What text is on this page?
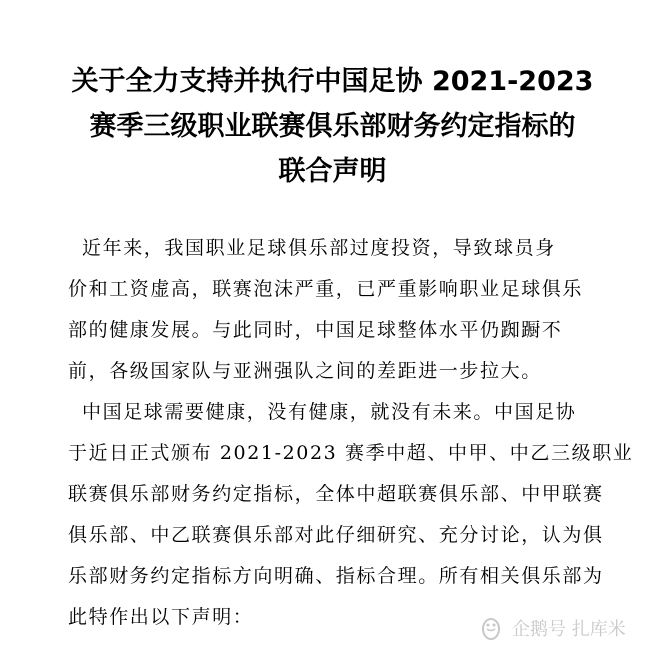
关于全力支持并执行中国足协 2021-2023
赛季三级职业联赛俱乐部财务约定指标的
联合声明
近年来，我国职业足球俱乐部过度投资，导致球员身
价和工资虚高，联赛泡沫严重，已严重影响职业足球俱乐
部的健康发展。与此同时，中国足球整体水平仍踟蹰不
前，各级国家队与亚洲强队之间的差距进一步拉大。
中国足球需要健康，没有健康，就没有未来。中国足协
于近日正式颁布 2021-2023 赛季中超、中甲、中乙三级职业
联赛俱乐部财务约定指标，全体中超联赛俱乐部、中甲联赛
俱乐部、中乙联赛俱乐部对此仔细研究、充分讨论，认为俱
乐部财务约定指标方向明确、指标合理。所有相关俱乐部为
此特作出以下声明：
企鹅号 扎库米
